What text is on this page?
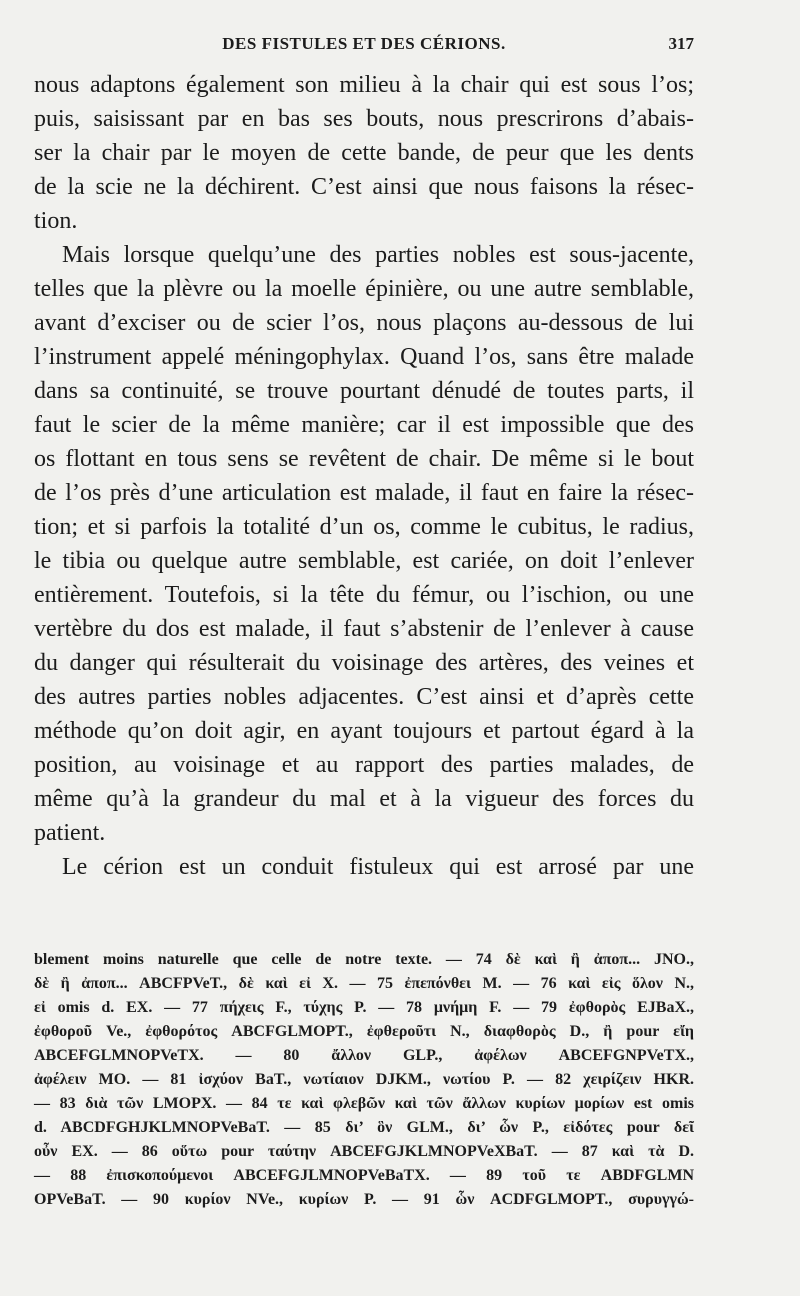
DES FISTULES ET DES CÉRIONS.	317
nous adaptons également son milieu à la chair qui est sous l’os;
puis, saisissant par en bas ses bouts, nous prescrirons d’abais-
ser la chair par le moyen de cette bande, de peur que les dents
de la scie ne la déchirent. C’est ainsi que nous faisons la résec-
tion.
Mais lorsque quelqu’une des parties nobles est sous-jacente,
telles que la plèvre ou la moelle épinière, ou une autre semblable,
avant d’exciser ou de scier l’os, nous plaçons au-dessous de lui
l’instrument appelé méningophylax. Quand l’os, sans être malade
dans sa continuité, se trouve pourtant dénudé de toutes parts, il
faut le scier de la même manière; car il est impossible que des
os flottant en tous sens se revêtent de chair. De même si le bout
de l’os près d’une articulation est malade, il faut en faire la résec-
tion; et si parfois la totalité d’un os, comme le cubitus, le radius,
le tibia ou quelque autre semblable, est cariée, on doit l’enlever
entièrement. Toutefois, si la tête du fémur, ou l’ischion, ou une
vertèbre du dos est malade, il faut s’abstenir de l’enlever à cause
du danger qui résulterait du voisinage des artères, des veines et
des autres parties nobles adjacentes. C’est ainsi et d’après cette
méthode qu’on doit agir, en ayant toujours et partout égard à la
position, au voisinage et au rapport des parties malades, de
même qu’à la grandeur du mal et à la vigueur des forces du
patient.
Le cérion est un conduit fistuleux qui est arrosé par une
blement moins naturelle que celle de notre texte. — 74 δὲ καὶ ἢ ἀποπ... JNO.,
δὲ ἢ ἀποπ... ABCFPVeT., δὲ καὶ εἰ X. — 75 ἐπεπόνθει M. — 76 καὶ εἰς ὅλον N.,
εἰ omis d. EX. — 77 πήχεις F., τύχης P. — 78 μνήμη F. — 79 ἐφθορὸς EJBaX.,
ἐφθοροῦ Ve., ἐφθορότος ABCFGLMOPT., ἐφθεροῦτι N., διαφθορὸς D., ἢ pour εἴη
ABCEFGLMNOPVeTX. — 80 ἄλλον GLP., ἀφέλων ABCEFGNPVeTX.,
ἀφέλειν MO. — 81 ἰσχύον BaT., νωτίαιον DJKM., νωτίου P. — 82 χειρίζειν HKR.
— 83 διὰ τῶν LMOPX. — 84 τε καὶ φλεβῶν καὶ τῶν ἄλλων κυρίων μορίων est omis
d. ABCDFGHJKLMNOPVeBaT. — 85 δι’ ὃν GLM., δι’ ὧν P., εἰδότες pour δεῖ
οὖν EX. — 86 οὕτω pour ταύτην ABCEFGJKLMNOPVeXBaT. — 87 καὶ τὰ D.
— 88 ἐπισκοπούμενοι ABCEFGJLMNOPVeBaTX. — 89 τοῦ τε ABDFGLMN
OPVeBaT. — 90 κυρίον NVe., κυρίων P. — 91 ὧν ACDFGLMOPT., συρυγγώ-
